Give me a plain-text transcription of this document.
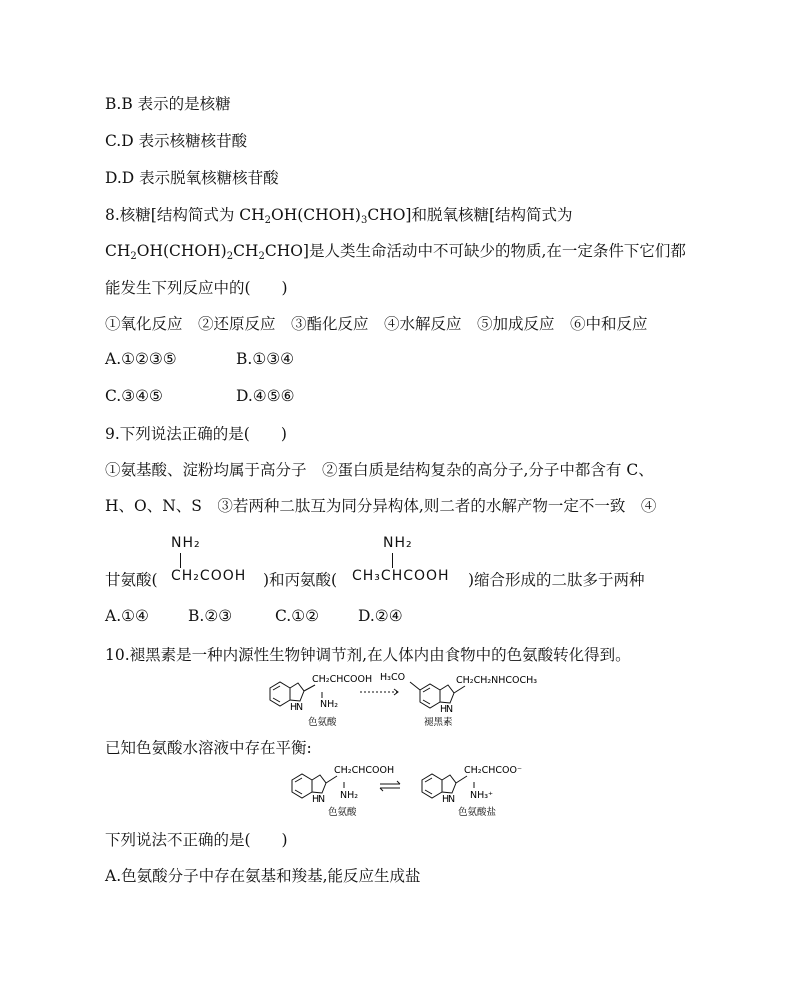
B.B 表示的是核糖
C.D 表示核糖核苷酸
D.D 表示脱氧核糖核苷酸
8.核糖[结构简式为 $CH_2OH(CHOH)_3CHO$]和脱氧核糖[结构简式为
$CH_2OH(CHOH)_2CH_2CHO$]是人类生命活动中不可缺少的物质,在一定条件下它们都
能发生下列反应中的(　　)
①氧化反应　②还原反应　③酯化反应　④水解反应　⑤加成反应　⑥中和反应
A.①②③⑤	B.①③④
C.③④⑤	D.④⑤⑥
9.下列说法正确的是(　　)
①氨基酸、淀粉均属于高分子　②蛋白质是结构复杂的高分子,分子中都含有 C、
H、O、N、S　③若两种二肽互为同分异构体,则二者的水解产物一定不一致　④
NH₂	NH₂
甘氨酸( CH₂COOH )和丙氨酸( CH₃CHCOOH )缩合形成的二肽多于两种
A.①④	B.②③	C.①②	D.②④
10.褪黑素是一种内源性生物钟调节剂,在人体内由食物中的色氨酸转化得到。
CH₂CHCOOH
NH₂
N
H
色氨酸
H₃CO	CH₂CH₂NHCOCH₃
N
H
褪黑素
已知色氨酸水溶液中存在平衡:
CH₂CHCOOH
NH₂
N
H
色氨酸
CH₂CHCOO⁻
NH₃⁺
N
H
色氨酸盐
下列说法不正确的是(　　)
A.色氨酸分子中存在氨基和羧基,能反应生成盐
